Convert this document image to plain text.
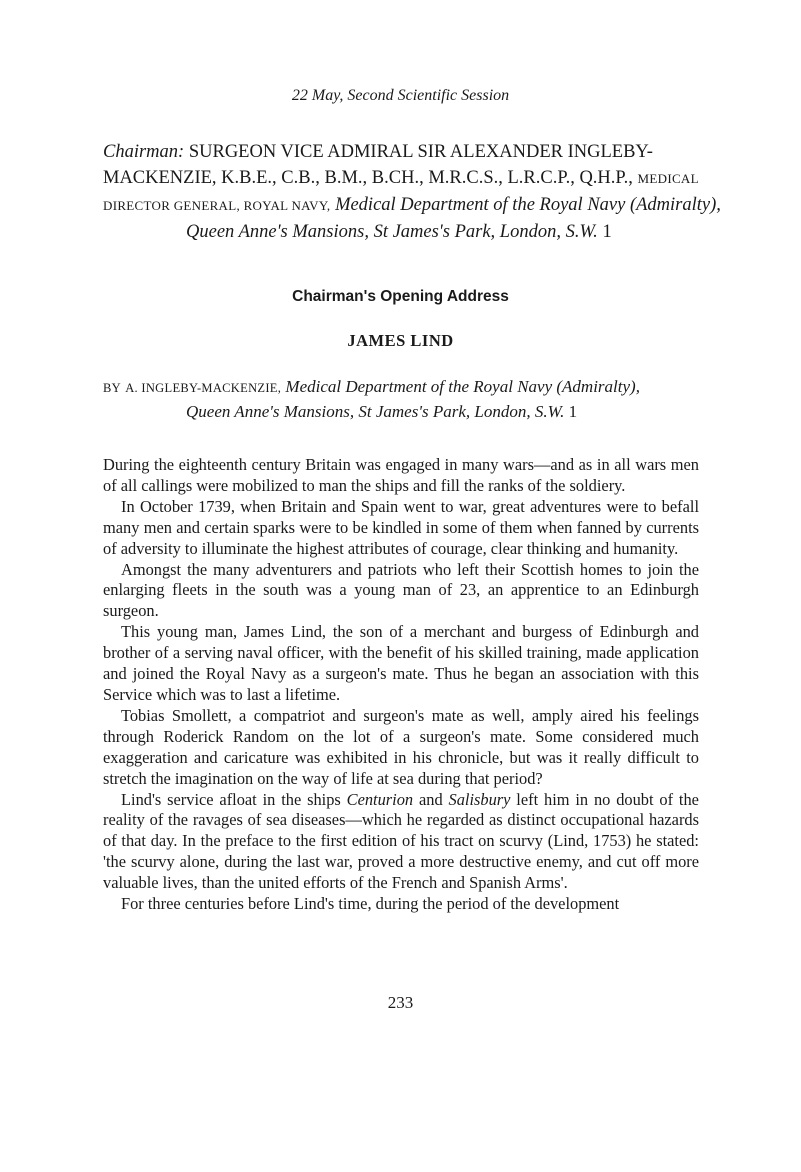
22 May, Second Scientific Session
Chairman: SURGEON VICE ADMIRAL SIR ALEXANDER INGLEBY-
MACKENZIE, K.B.E., C.B., B.M., B.CH., M.R.C.S., L.R.C.P., Q.H.P., MEDICAL
DIRECTOR GENERAL, ROYAL NAVY, Medical Department of the Royal Navy (Admiralty),
Queen Anne's Mansions, St James's Park, London, S.W. 1
Chairman's Opening Address
JAMES LIND
BY A. INGLEBY-MACKENZIE, Medical Department of the Royal Navy (Admiralty),
Queen Anne's Mansions, St James's Park, London, S.W. 1

During the eighteenth century Britain was engaged in many wars—and as in all wars men of all callings were mobilized to man the ships and fill the ranks of the soldiery.

In October 1739, when Britain and Spain went to war, great adventures were to befall many men and certain sparks were to be kindled in some of them when fanned by currents of adversity to illuminate the highest attributes of courage, clear thinking and humanity.

Amongst the many adventurers and patriots who left their Scottish homes to join the enlarging fleets in the south was a young man of 23, an apprentice to an Edinburgh surgeon.

This young man, James Lind, the son of a merchant and burgess of Edinburgh and brother of a serving naval officer, with the benefit of his skilled training, made application and joined the Royal Navy as a surgeon's mate. Thus he began an association with this Service which was to last a lifetime.

Tobias Smollett, a compatriot and surgeon's mate as well, amply aired his feelings through Roderick Random on the lot of a surgeon's mate. Some considered much exaggeration and caricature was exhibited in his chronicle, but was it really difficult to stretch the imagination on the way of life at sea during that period?

Lind's service afloat in the ships Centurion and Salisbury left him in no doubt of the reality of the ravages of sea diseases—which he regarded as distinct occupational hazards of that day. In the preface to the first edition of his tract on scurvy (Lind, 1753) he stated: 'the scurvy alone, during the last war, proved a more destructive enemy, and cut off more valuable lives, than the united efforts of the French and Spanish Arms'.

For three centuries before Lind's time, during the period of the development

233
